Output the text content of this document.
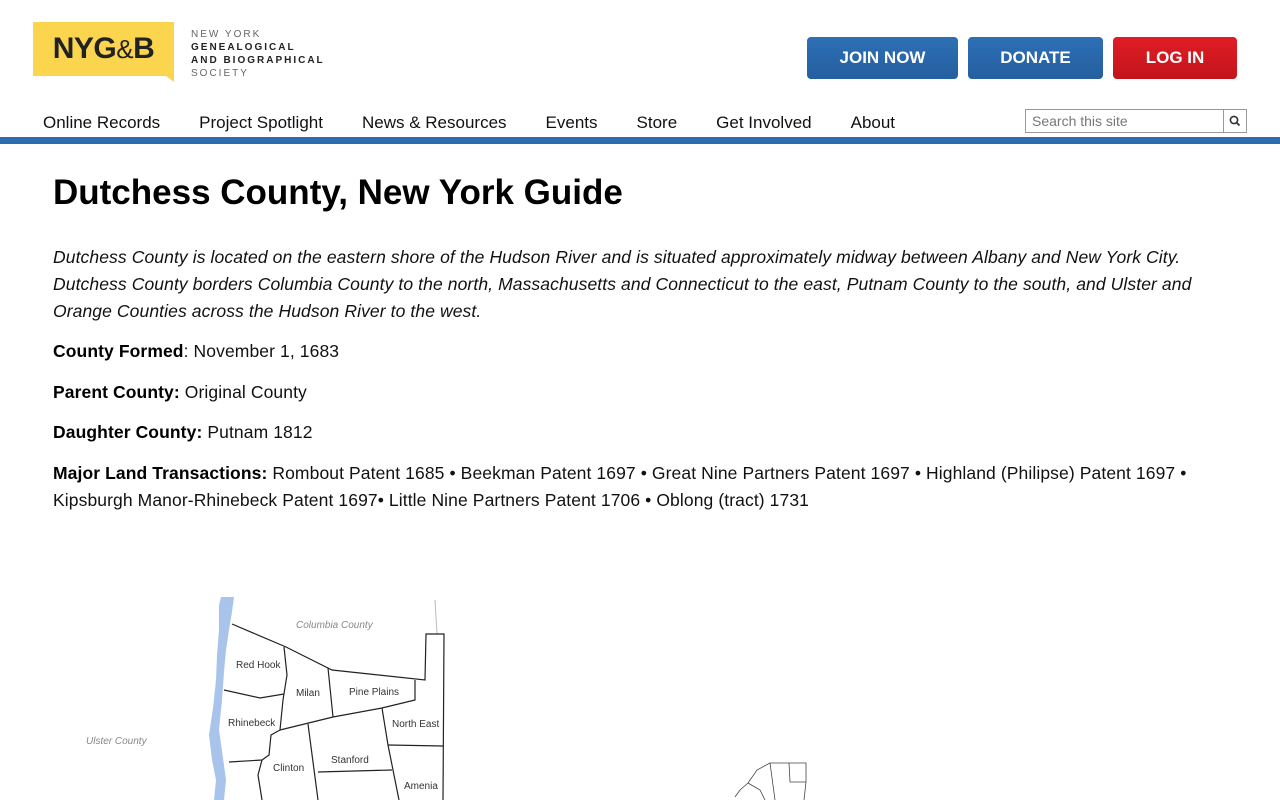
NYG & B	NEW YORK
GENEALOGICAL
AND BIOGRAPHICAL
SOCIETY
JOIN NOW	DONATE	LOG IN
Online Records Project Spotlight News & Resources Events Store Get Involved About
Search this site
Dutchess County, New York Guide

Dutchess County is located on the eastern shore of the Hudson River and is situated approximately midway between Albany and New York City. Dutchess County borders Columbia County to the north, Massachusetts and Connecticut to the east, Putnam County to the south, and Ulster and Orange Counties across the Hudson River to the west.

County Formed: November 1, 1683

Parent County: Original County

Daughter County: Putnam 1812

Major Land Transactions: Rombout Patent 1685 • Beekman Patent 1697 • Great Nine Partners Patent 1697 • Highland (Philipse) Patent 1697 • Kipsburgh Manor-Rhinebeck Patent 1697• Little Nine Partners Patent 1706 • Oblong (tract) 1731

Red Hook
Milan	Pine Plains
Rhinebeck	North East
Clinton
Stanford
Amenia
Columbia County
Ulster County
